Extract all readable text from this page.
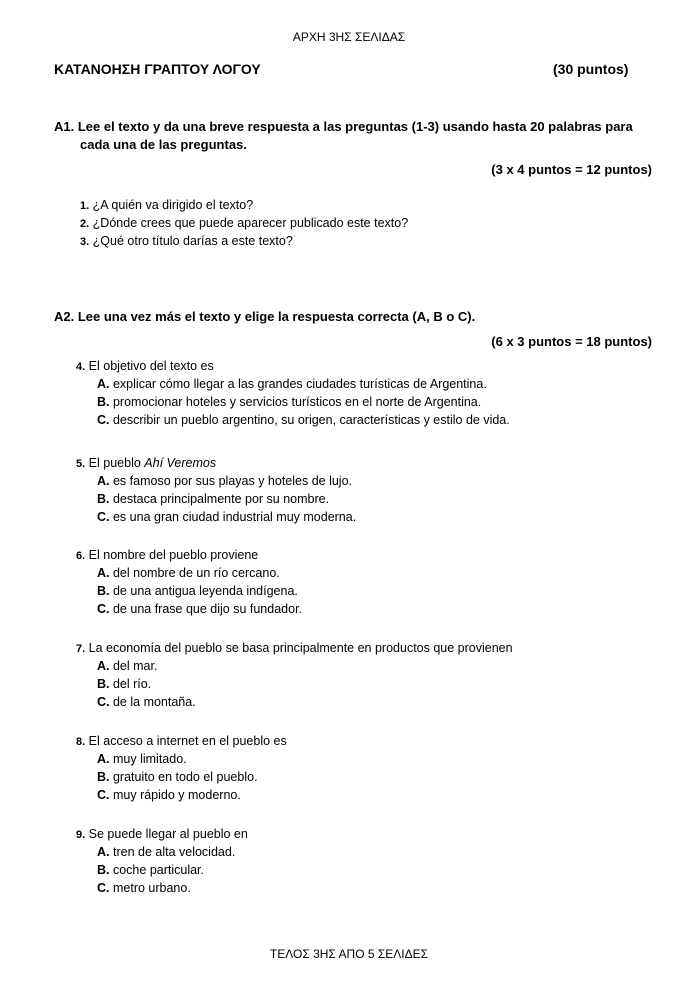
ΑΡΧΗ 3ΗΣ ΣΕΛΙΔΑΣ
ΚΑΤΑΝΟΗΣΗ ΓΡΑΠΤΟΥ ΛΟΓΟΥ	(30 puntos)
A1. Lee el texto y da una breve respuesta a las preguntas (1-3) usando hasta 20 palabras para
cada una de las preguntas.
(3 x 4 puntos = 12 puntos)
1. ¿A quién va dirigido el texto?
2. ¿Dónde crees que puede aparecer publicado este texto?
3. ¿Qué otro título darías a este texto?
A2. Lee una vez más el texto y elige la respuesta correcta (A, B o C).
(6 x 3 puntos = 18 puntos)
4. El objetivo del texto es
A. explicar cómo llegar a las grandes ciudades turísticas de Argentina.
B. promocionar hoteles y servicios turísticos en el norte de Argentina.
C. describir un pueblo argentino, su origen, características y estilo de vida.
5. El pueblo Ahí Veremos
A. es famoso por sus playas y hoteles de lujo.
B. destaca principalmente por su nombre.
C. es una gran ciudad industrial muy moderna.
6. El nombre del pueblo proviene
A. del nombre de un río cercano.
B. de una antigua leyenda indígena.
C. de una frase que dijo su fundador.
7. La economía del pueblo se basa principalmente en productos que provienen
A. del mar.
B. del río.
C. de la montaña.
8. El acceso a internet en el pueblo es
A. muy limitado.
B. gratuito en todo el pueblo.
C. muy rápido y moderno.
9. Se puede llegar al pueblo en
A. tren de alta velocidad.
B. coche particular.
C. metro urbano.
ΤΕΛΟΣ 3ΗΣ ΑΠΟ 5 ΣΕΛΙΔΕΣ
